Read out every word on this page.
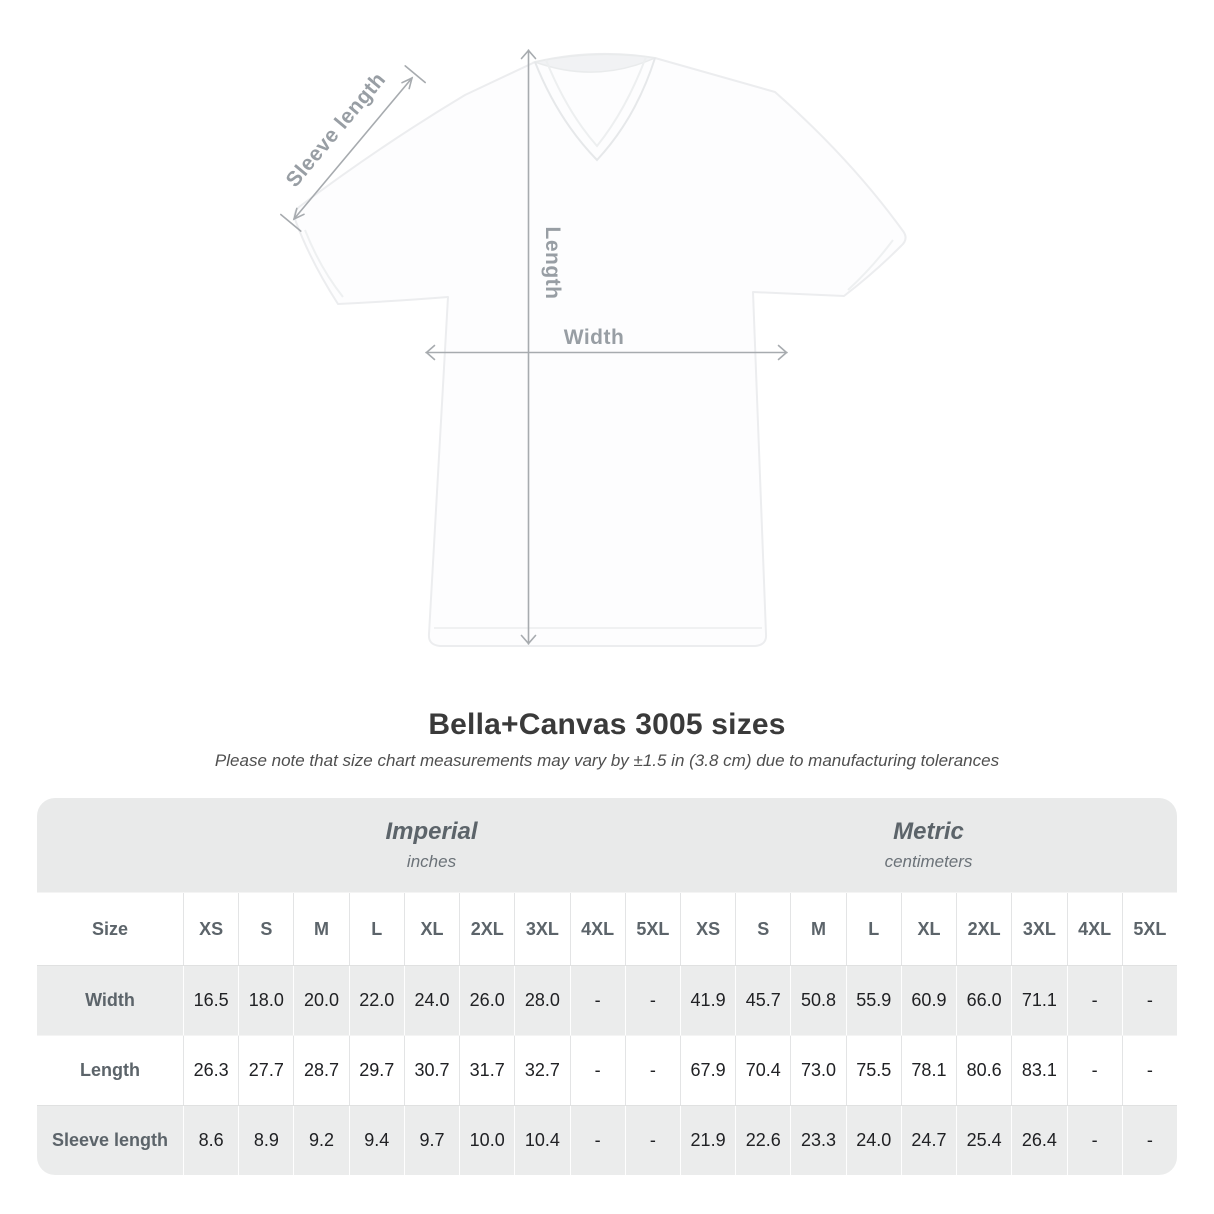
Sleeve length
Length
Width
Bella+Canvas 3005 sizes
Please note that size chart measurements may vary by ±1.5 in (3.8 cm) due to manufacturing tolerances
Imperial
inches
Metric
centimeters
Size	XS	S	M	L	XL	2XL	3XL	4XL	5XL	XS	S	M	L	XL	2XL	3XL	4XL	5XL
Width	16.5	18.0	20.0	22.0	24.0	26.0	28.0	-	-	41.9	45.7	50.8	55.9	60.9	66.0	71.1	-	-
Length	26.3	27.7	28.7	29.7	30.7	31.7	32.7	-	-	67.9	70.4	73.0	75.5	78.1	80.6	83.1	-	-
Sleeve length	8.6	8.9	9.2	9.4	9.7	10.0	10.4	-	-	21.9	22.6	23.3	24.0	24.7	25.4	26.4	-	-
